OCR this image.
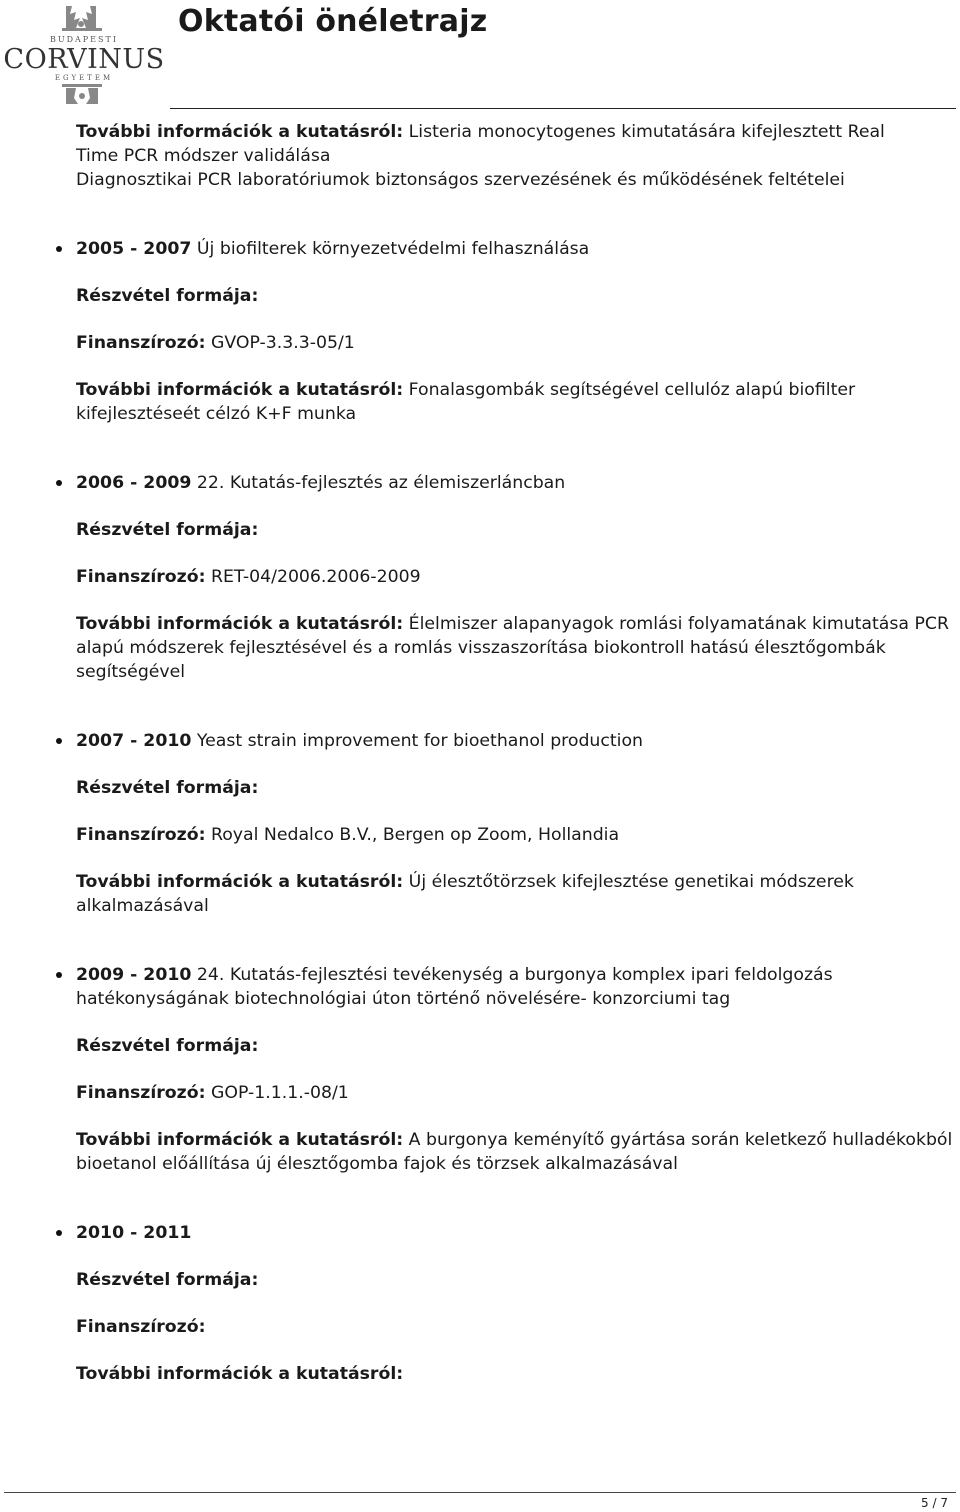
BUDAPESTI
CORVINUS
EGYETEM
Oktatói önéletrajz

További információk a kutatásról: Listeria monocytogenes kimutatására kifejlesztett Real

Time PCR módszer validálása

Diagnosztikai PCR laboratóriumok biztonságos szervezésének és működésének feltételei

2005 - 2007 Új biofilterek környezetvédelmi felhasználása

Részvétel formája:

Finanszírozó: GVOP-3.3.3-05/1

További információk a kutatásról: Fonalasgombák segítségével cellulóz alapú biofilter kifejlesztéseét célzó K+F munka

2006 - 2009 22. Kutatás-fejlesztés az élemiszerláncban

Részvétel formája:

Finanszírozó: RET-04/2006.2006-2009

További információk a kutatásról: Élelmiszer alapanyagok romlási folyamatának kimutatása PCR alapú módszerek fejlesztésével és a romlás visszaszorítása biokontroll hatású élesztőgombák segítségével

2007 - 2010 Yeast strain improvement for bioethanol production

Részvétel formája:

Finanszírozó: Royal Nedalco B.V., Bergen op Zoom, Hollandia

További információk a kutatásról: Új élesztőtörzsek kifejlesztése genetikai módszerek alkalmazásával

2009 - 2010 24. Kutatás-fejlesztési tevékenység a burgonya komplex ipari feldolgozás hatékonyságának biotechnológiai úton történő növelésére- konzorciumi tag

Részvétel formája:

Finanszírozó: GOP-1.1.1.-08/1

További információk a kutatásról: A burgonya keményítő gyártása során keletkező hulladékokból bioetanol előállítása új élesztőgomba fajok és törzsek alkalmazásával

2010 - 2011

Részvétel formája:

Finanszírozó:

További információk a kutatásról:

5 / 7
